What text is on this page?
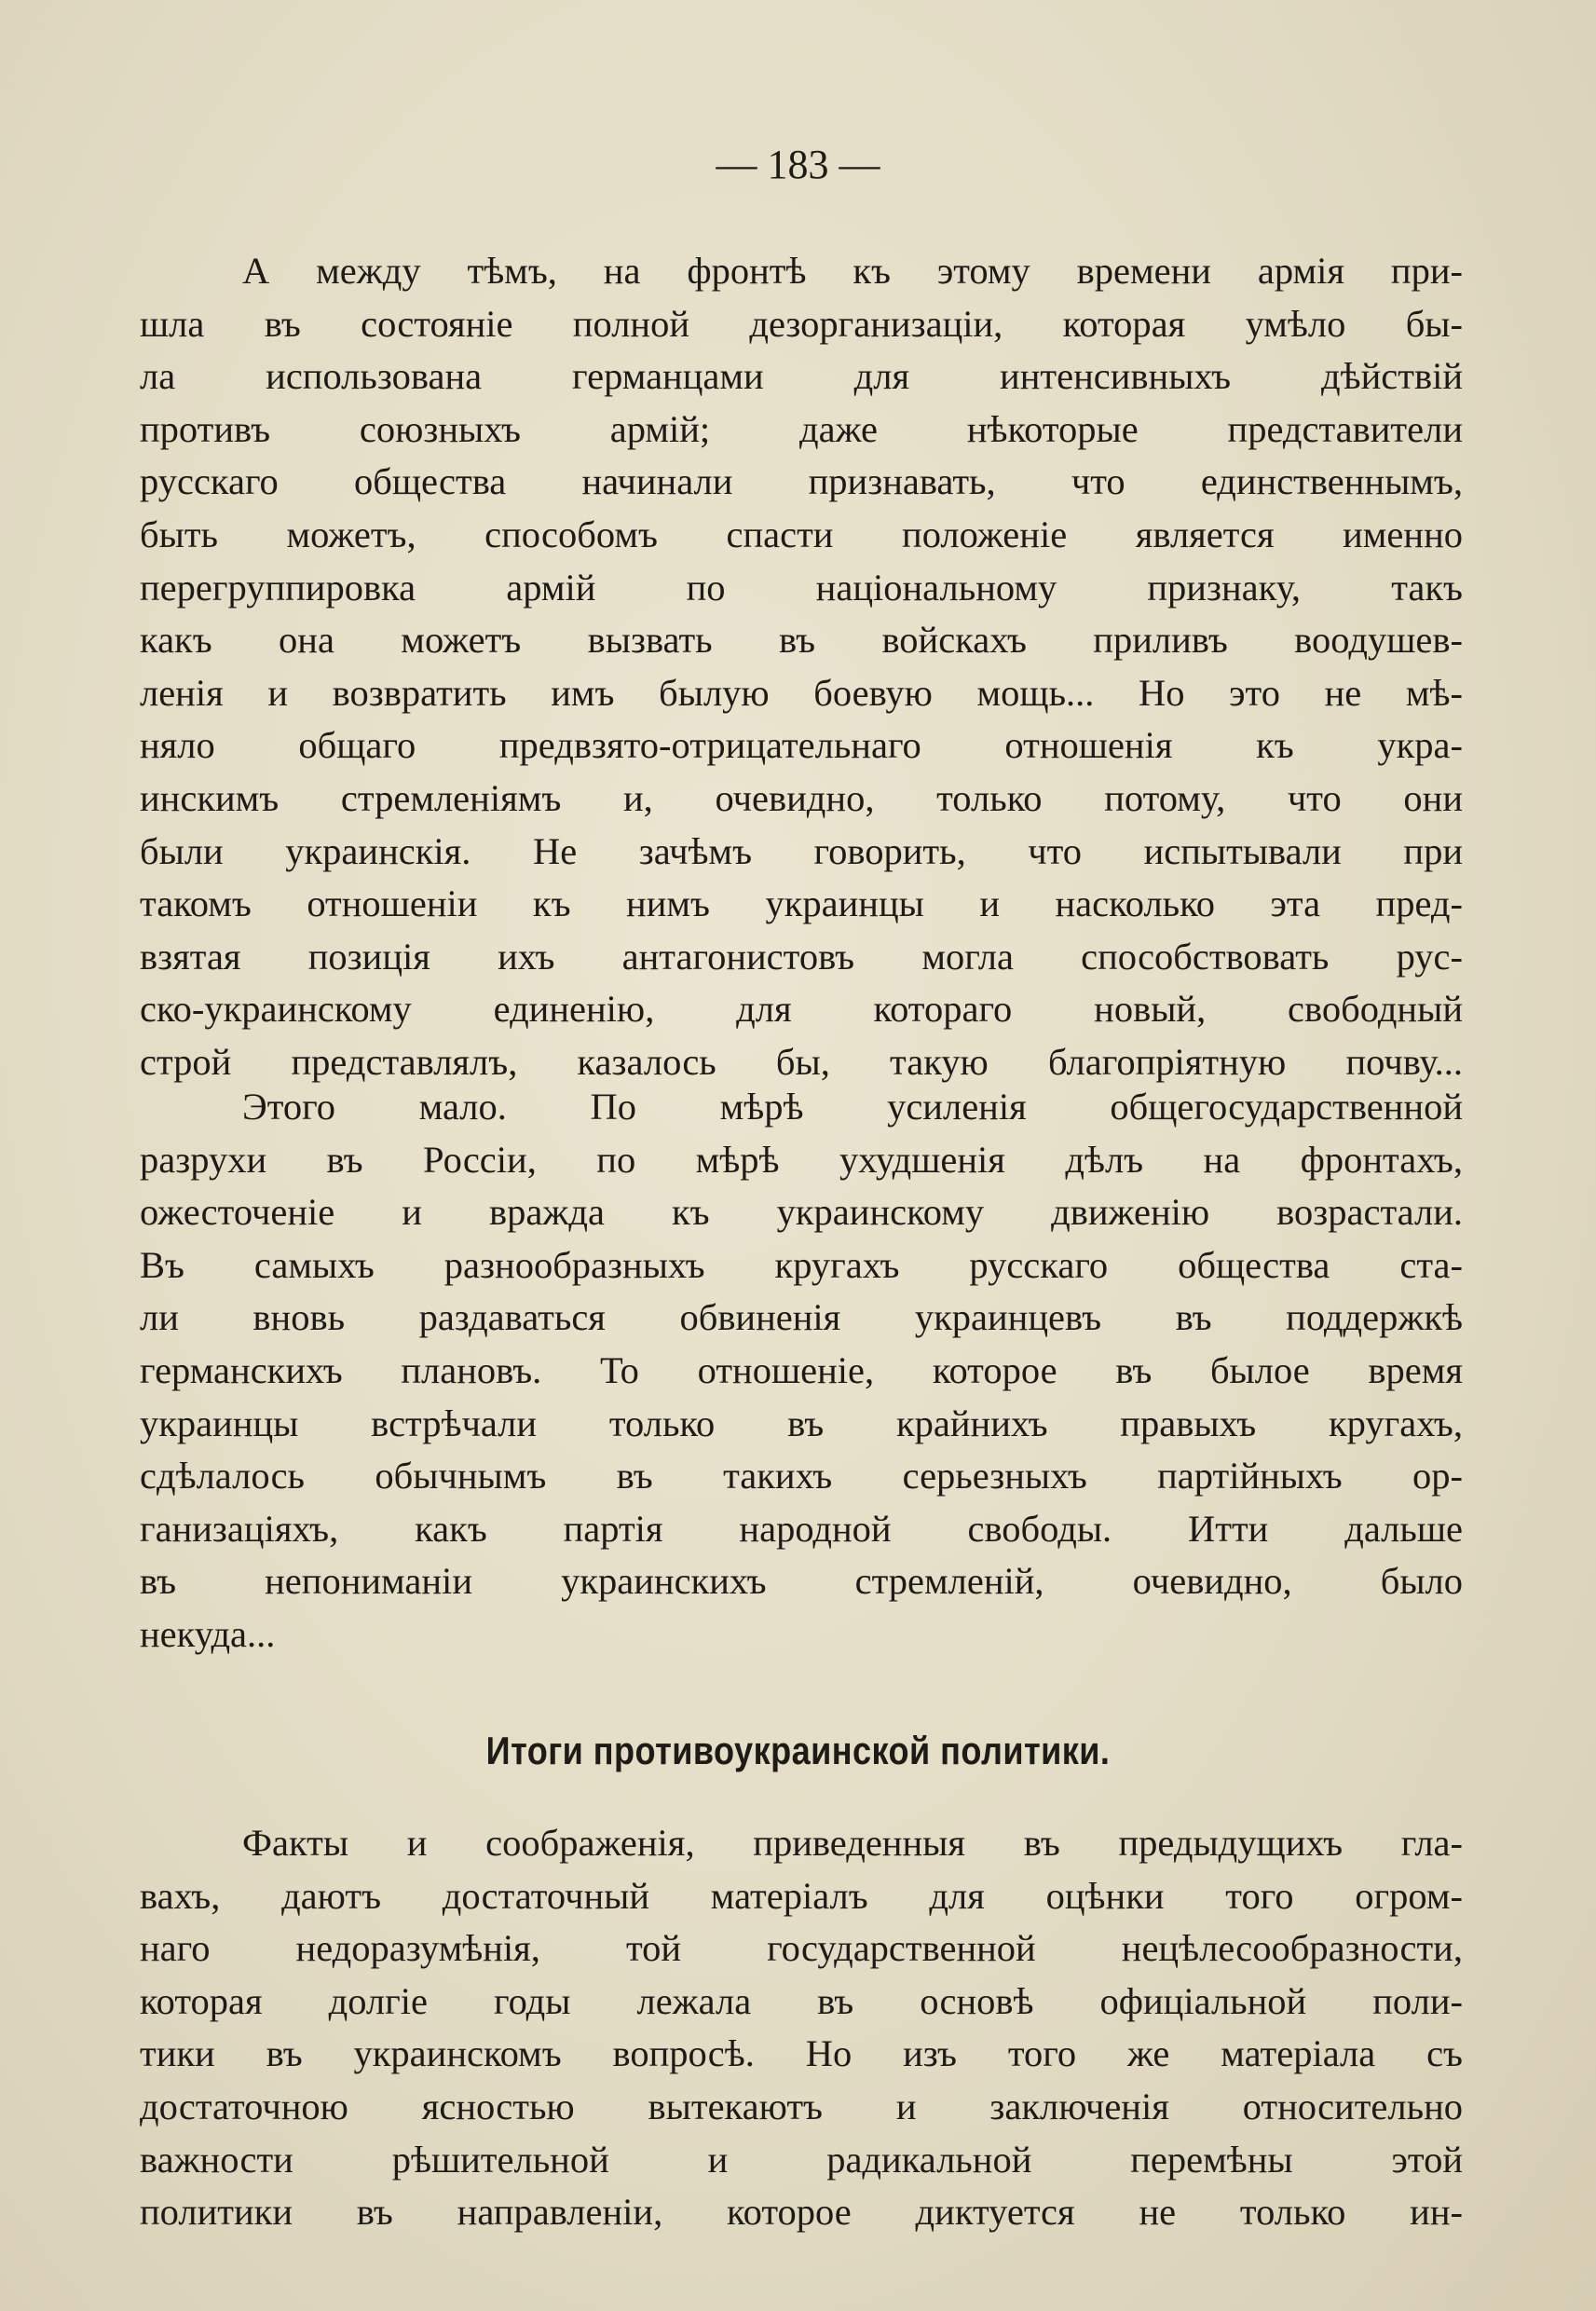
— 183 —
А между тѣмъ, на фронтѣ къ этому времени армія при-
шла въ состояніе полной дезорганизаціи, которая умѣло бы-
ла использована германцами для интенсивныхъ дѣйствій
противъ союзныхъ армій; даже нѣкоторые представители
русскаго общества начинали признавать, что единственнымъ,
быть можетъ, способомъ спасти положеніе является именно
перегруппировка армій по національному признаку, такъ
какъ она можетъ вызвать въ войскахъ приливъ воодушев-
ленія и возвратить имъ былую боевую мощь... Но это не мѣ-
няло общаго предвзято-отрицательнаго отношенія къ укра-
инскимъ стремленіямъ и, очевидно, только потому, что они
были украинскія. Не зачѣмъ говорить, что испытывали при
такомъ отношеніи къ нимъ украинцы и насколько эта пред-
взятая позиція ихъ антагонистовъ могла способствовать рус-
ско-украинскому единенію, для котораго новый, свободный
строй представлялъ, казалось бы, такую благопріятную почву...
Этого мало. По мѣрѣ усиленія общегосударственной
разрухи въ Россіи, по мѣрѣ ухудшенія дѣлъ на фронтахъ,
ожесточеніе и вражда къ украинскому движенію возрастали.
Въ самыхъ разнообразныхъ кругахъ русскаго общества ста-
ли вновь раздаваться обвиненія украинцевъ въ поддержкѣ
германскихъ плановъ. То отношеніе, которое въ былое время
украинцы встрѣчали только въ крайнихъ правыхъ кругахъ,
сдѣлалось обычнымъ въ такихъ серьезныхъ партійныхъ ор-
ганизаціяхъ, какъ партія народной свободы. Итти дальше
въ непониманіи украинскихъ стремленій, очевидно, было
некуда...
Итоги противоукраинской политики.
Факты и соображенія, приведенныя въ предыдущихъ гла-
вахъ, даютъ достаточный матеріалъ для оцѣнки того огром-
наго недоразумѣнія, той государственной нецѣлесообразности,
которая долгіе годы лежала въ основѣ офиціальной поли-
тики въ украинскомъ вопросѣ. Но изъ того же матеріала съ
достаточною ясностью вытекаютъ и заключенія относительно
важности рѣшительной и радикальной перемѣны этой
политики въ направленіи, которое диктуется не только ин-
